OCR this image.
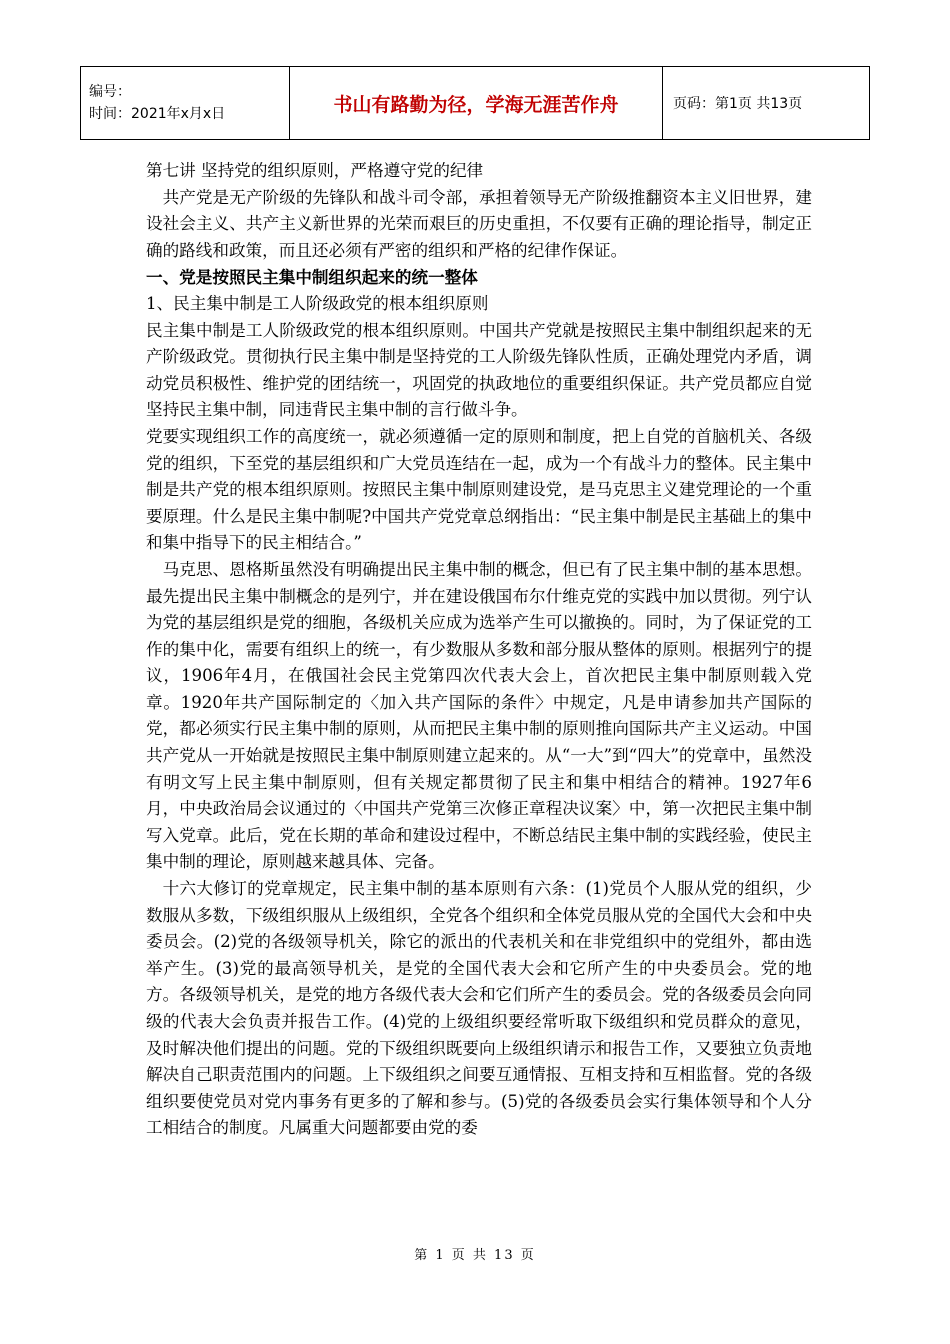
编号：
时间：2021年x月x日	书山有路勤为径，学海无涯苦作舟	页码：第1页 共13页

第七讲 坚持党的组织原则，严格遵守党的纪律

共产党是无产阶级的先锋队和战斗司令部，承担着领导无产阶级推翻资本主义旧世界，建设社会主义、共产主义新世界的光荣而艰巨的历史重担，不仅要有正确的理论指导，制定正确的路线和政策，而且还必须有严密的组织和严格的纪律作保证。

一、党是按照民主集中制组织起来的统一整体

1、民主集中制是工人阶级政党的根本组织原则

民主集中制是工人阶级政党的根本组织原则。中国共产党就是按照民主集中制组织起来的无产阶级政党。贯彻执行民主集中制是坚持党的工人阶级先锋队性质，正确处理党内矛盾，调动党员积极性、维护党的团结统一，巩固党的执政地位的重要组织保证。共产党员都应自觉坚持民主集中制，同违背民主集中制的言行做斗争。

党要实现组织工作的高度统一，就必须遵循一定的原则和制度，把上自党的首脑机关、各级党的组织，下至党的基层组织和广大党员连结在一起，成为一个有战斗力的整体。民主集中制是共产党的根本组织原则。按照民主集中制原则建设党，是马克思主义建党理论的一个重要原理。什么是民主集中制呢?中国共产党党章总纲指出：“民主集中制是民主基础上的集中和集中指导下的民主相结合。”

马克思、恩格斯虽然没有明确提出民主集中制的概念，但已有了民主集中制的基本思想。最先提出民主集中制概念的是列宁，并在建设俄国布尔什维克党的实践中加以贯彻。列宁认为党的基层组织是党的细胞，各级机关应成为选举产生可以撤换的。同时，为了保证党的工作的集中化，需要有组织上的统一，有少数服从多数和部分服从整体的原则。根据列宁的提议，1906年4月，在俄国社会民主党第四次代表大会上，首次把民主集中制原则载入党章。1920年共产国际制定的〈加入共产国际的条件〉中规定，凡是申请参加共产国际的党，都必须实行民主集中制的原则，从而把民主集中制的原则推向国际共产主义运动。中国共产党从一开始就是按照民主集中制原则建立起来的。从“一大”到“四大”的党章中，虽然没有明文写上民主集中制原则，但有关规定都贯彻了民主和集中相结合的精神。1927年6月，中央政治局会议通过的〈中国共产党第三次修正章程决议案〉中，第一次把民主集中制写入党章。此后，党在长期的革命和建设过程中，不断总结民主集中制的实践经验，使民主集中制的理论，原则越来越具体、完备。

十六大修订的党章规定，民主集中制的基本原则有六条：(1)党员个人服从党的组织，少数服从多数，下级组织服从上级组织，全党各个组织和全体党员服从党的全国代大会和中央委员会。(2)党的各级领导机关，除它的派出的代表机关和在非党组织中的党组外，都由选举产生。(3)党的最高领导机关，是党的全国代表大会和它所产生的中央委员会。党的地方。各级领导机关，是党的地方各级代表大会和它们所产生的委员会。党的各级委员会向同级的代表大会负责并报告工作。(4)党的上级组织要经常听取下级组织和党员群众的意见，及时解决他们提出的问题。党的下级组织既要向上级组织请示和报告工作，又要独立负责地解决自己职责范围内的问题。上下级组织之间要互通情报、互相支持和互相监督。党的各级组织要使党员对党内事务有更多的了解和参与。(5)党的各级委员会实行集体领导和个人分工相结合的制度。凡属重大问题都要由党的委

第 1 页 共 13 页
